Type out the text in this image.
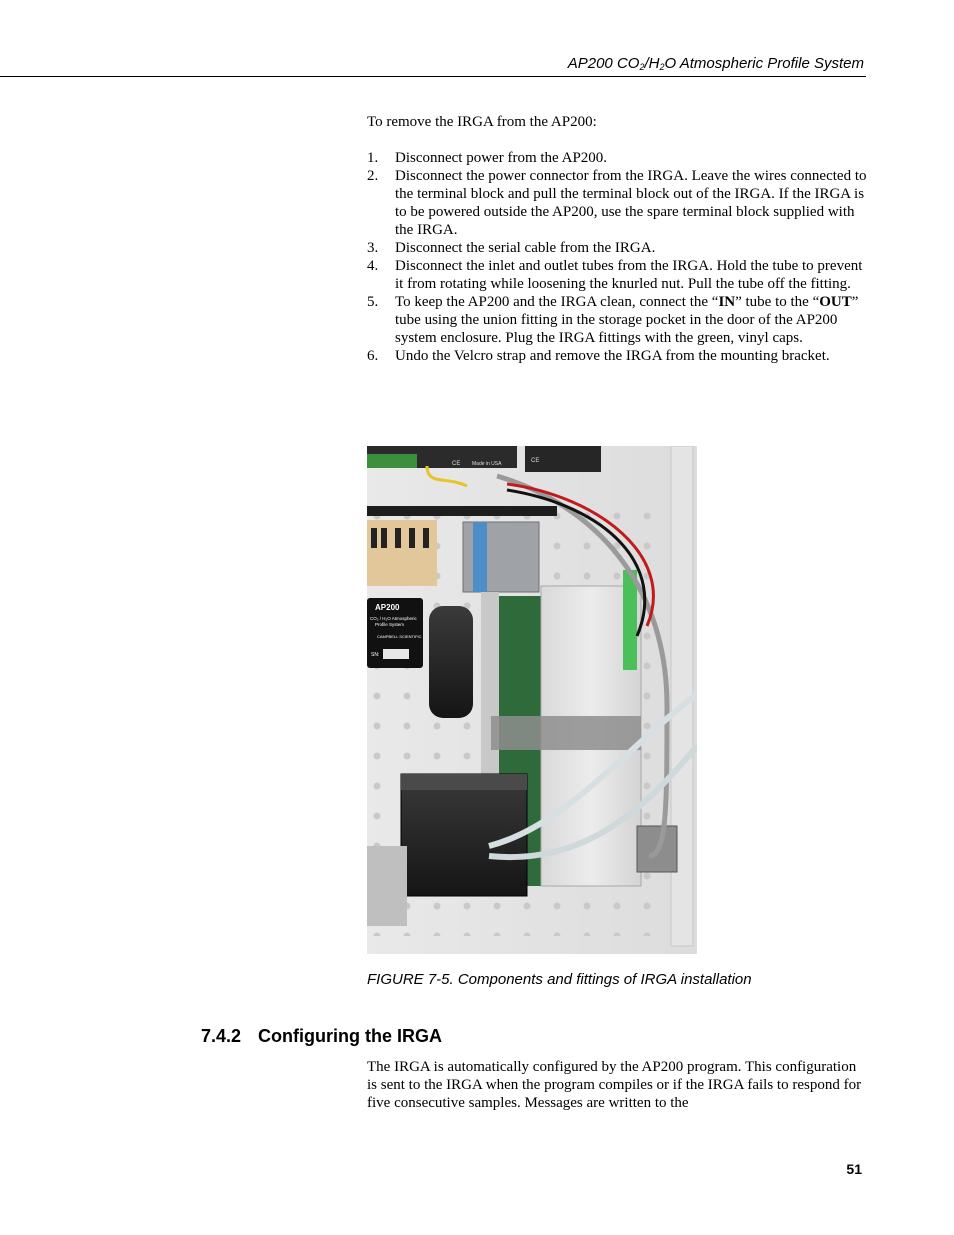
AP200 $CO_2/H_2O$ Atmospheric Profile System
To remove the IRGA from the AP200:
1.	Disconnect power from the AP200.
2.	Disconnect the power connector from the IRGA. Leave the wires connected to the terminal block and pull the terminal block out of the IRGA. If the IRGA is to be powered outside the AP200, use the spare terminal block supplied with the IRGA.
3.	Disconnect the serial cable from the IRGA.
4.	Disconnect the inlet and outlet tubes from the IRGA. Hold the tube to prevent it from rotating while loosening the knurled nut. Pull the tube off the fitting.
5.	To keep the AP200 and the IRGA clean, connect the “IN” tube to the “OUT” tube using the union fitting in the storage pocket in the door of the AP200 system enclosure. Plug the IRGA fittings with the green, vinyl caps.
6.	Undo the Velcro strap and remove the IRGA from the mounting bracket.
Made in USA
CE	CE
AP200
CO₂ / H₂O Atmospheric
Profile System
CAMPBELL SCIENTIFIC
SN:
FIGURE 7-5. Components and fittings of IRGA installation
7.4.2 Configuring the IRGA
The IRGA is automatically configured by the AP200 program. This configuration is sent to the IRGA when the program compiles or if the IRGA fails to respond for five consecutive samples. Messages are written to the
51
